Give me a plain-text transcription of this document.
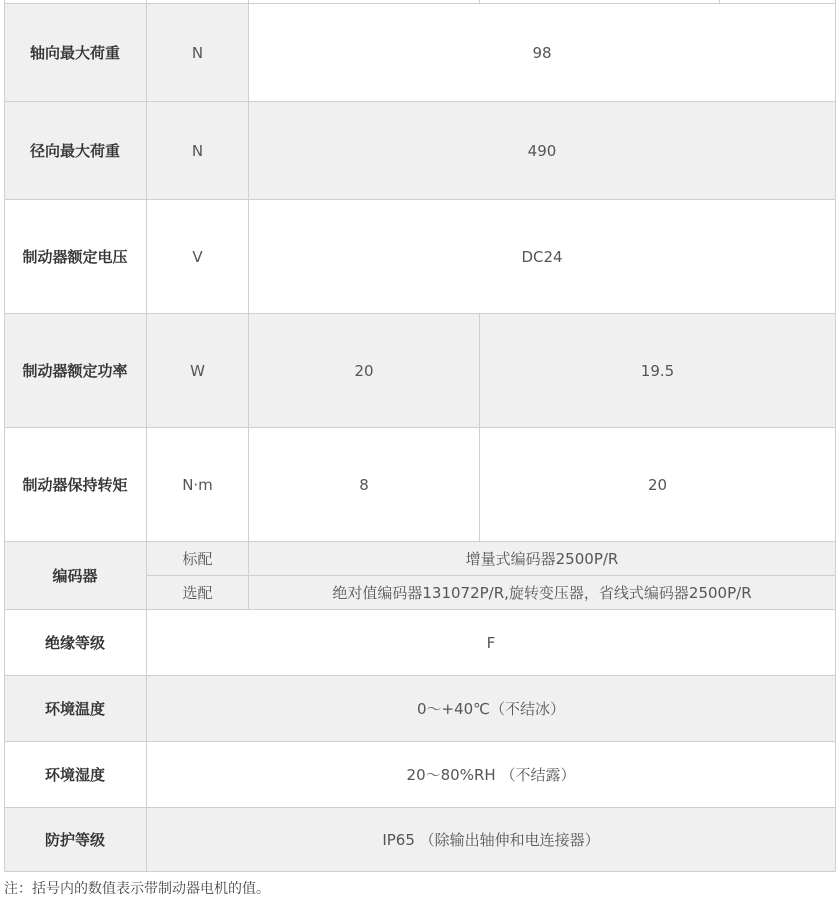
轴向最大荷重	N	98
径向最大荷重	N	490
制动器额定电压	V	DC24
制动器额定功率	W	20	19.5
制动器保持转矩	N·m	8	20
编码器
标配	增量式编码器2500P/R
选配	绝对值编码器131072P/R,旋转变压器，省线式编码器2500P/R
绝缘等级	F
环境温度	0～+40℃（不结冰）
环境湿度	20～80%RH （不结露）
防护等级	IP65 （除输出轴伸和电连接器）
注：括号内的数值表示带制动器电机的值。
